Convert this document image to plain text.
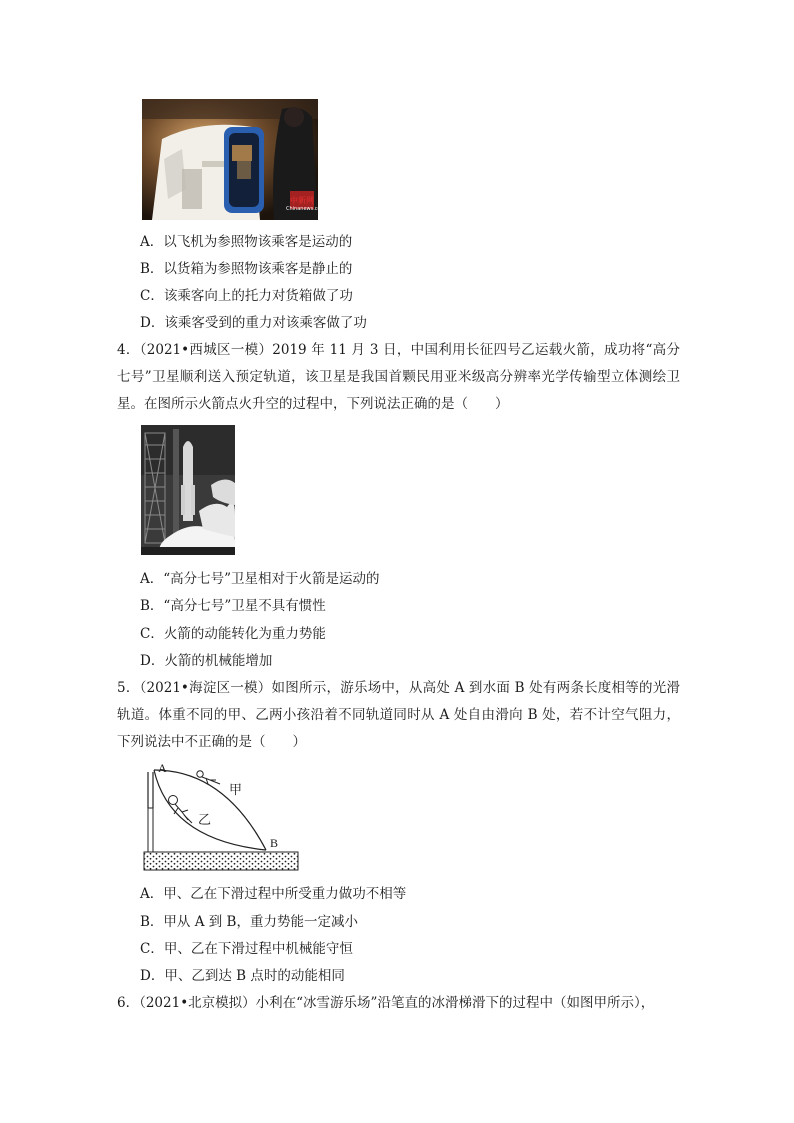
中新网
Chinanews.com
A．以飞机为参照物该乘客是运动的
B．以货箱为参照物该乘客是静止的
C．该乘客向上的托力对货箱做了功
D．该乘客受到的重力对该乘客做了功
4．（2021•西城区一模）2019 年 11 月 3 日，中国利用长征四号乙运载火箭，成功将“高分七号”卫星顺利送入预定轨道，该卫星是我国首颗民用亚米级高分辨率光学传输型立体测绘卫星。在图所示火箭点火升空的过程中，下列说法正确的是（　　）
A．“高分七号”卫星相对于火箭是运动的
B．“高分七号”卫星不具有惯性
C．火箭的动能转化为重力势能
D．火箭的机械能增加
5．（2021•海淀区一模）如图所示，游乐场中，从高处 A 到水面 B 处有两条长度相等的光滑轨道。体重不同的甲、乙两小孩沿着不同轨道同时从 A 处自由滑向 B 处，若不计空气阻力，下列说法中不正确的是（　　）
A
甲
乙
B
A．甲、乙在下滑过程中所受重力做功不相等
B．甲从 A 到 B，重力势能一定减小
C．甲、乙在下滑过程中机械能守恒
D．甲、乙到达 B 点时的动能相同
6．（2021•北京模拟）小利在“冰雪游乐场”沿笔直的冰滑梯滑下的过程中（如图甲所示），
